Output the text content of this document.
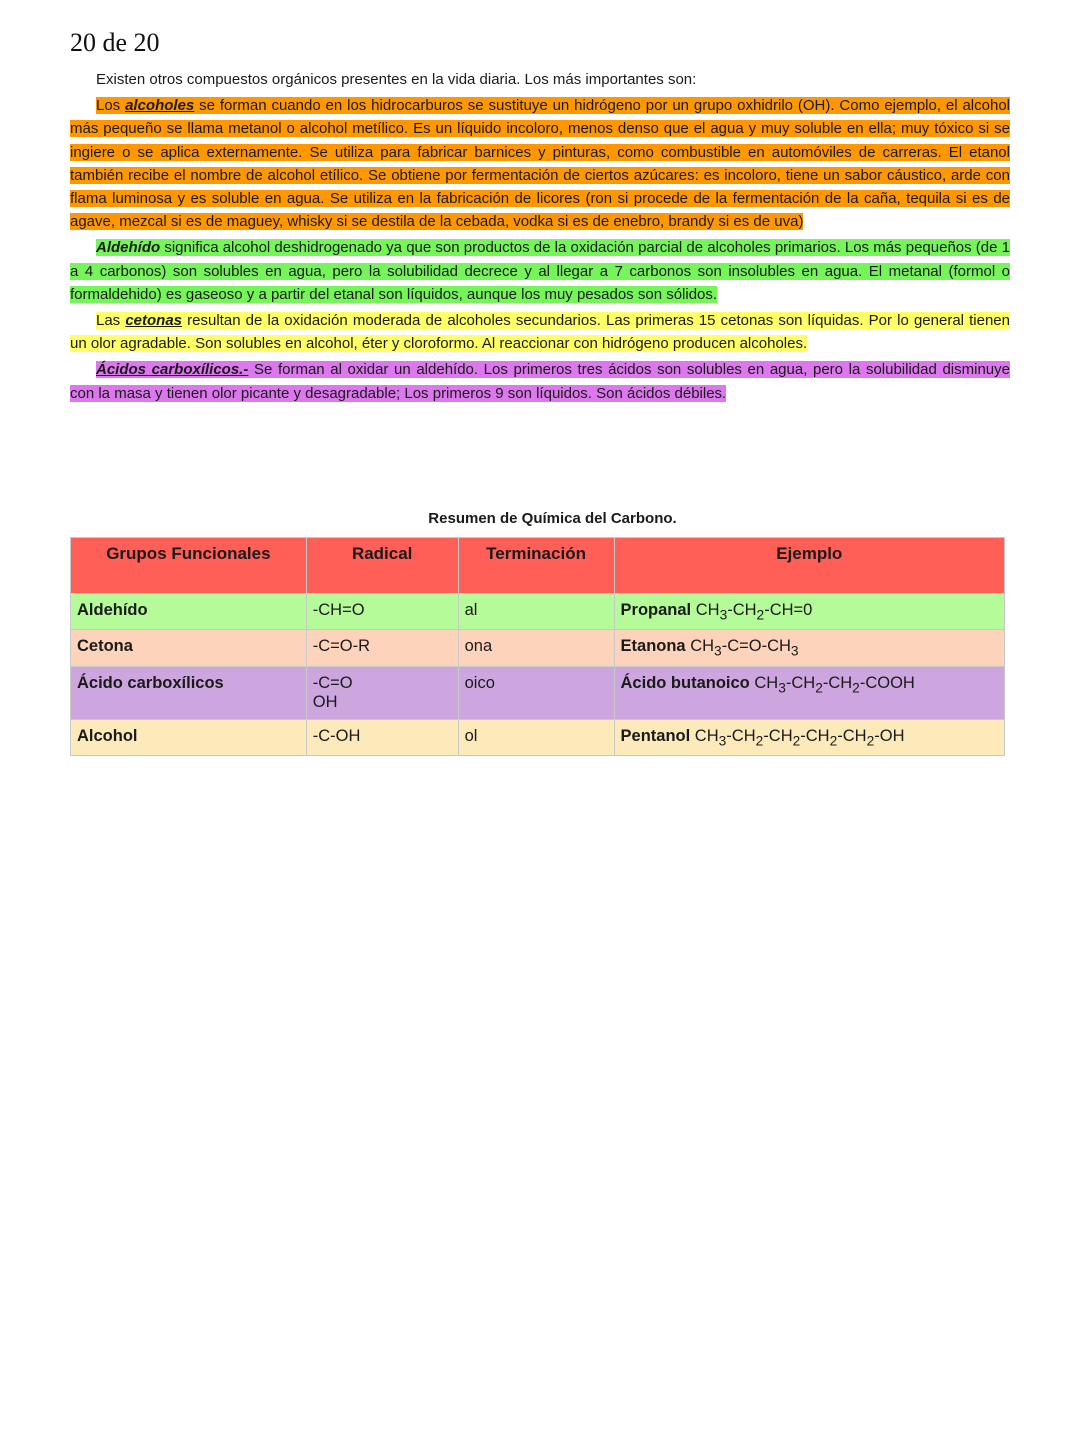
20 de 20

Existen otros compuestos orgánicos presentes en la vida diaria. Los más importantes son:

Los alcoholes se forman cuando en los hidrocarburos se sustituye un hidrógeno por un grupo oxhidrilo (OH). Como ejemplo, el alcohol más pequeño se llama metanol o alcohol metílico. Es un líquido incoloro, menos denso que el agua y muy soluble en ella; muy tóxico si se ingiere o se aplica externamente. Se utiliza para fabricar barnices y pinturas, como combustible en automóviles de carreras. El etanol también recibe el nombre de alcohol etílico. Se obtiene por fermentación de ciertos azúcares: es incoloro, tiene un sabor cáustico, arde con flama luminosa y es soluble en agua. Se utiliza en la fabricación de licores (ron si procede de la fermentación de la caña, tequila si es de agave, mezcal si es de maguey, whisky si se destila de la cebada, vodka si es de enebro, brandy si es de uva)

Aldehído significa alcohol deshidrogenado ya que son productos de la oxidación parcial de alcoholes primarios. Los más pequeños (de 1 a 4 carbonos) son solubles en agua, pero la solubilidad decrece y al llegar a 7 carbonos son insolubles en agua. El metanal (formol o formaldehido) es gaseoso y a partir del etanal son líquidos, aunque los muy pesados son sólidos.

Las cetonas resultan de la oxidación moderada de alcoholes secundarios. Las primeras 15 cetonas son líquidas. Por lo general tienen un olor agradable. Son solubles en alcohol, éter y cloroformo. Al reaccionar con hidrógeno producen alcoholes.

Ácidos carboxílicos.- Se forman al oxidar un aldehído. Los primeros tres ácidos son solubles en agua, pero la solubilidad disminuye con la masa y tienen olor picante y desagradable; Los primeros 9 son líquidos. Son ácidos débiles.

Resumen de Química del Carbono.
Grupos Funcionales	Radical	Terminación	Ejemplo
Aldehído	-CH=O	al	Propanal $CH_3-CH_2-CH=0$
Cetona	-C=O-R	ona	Etanona $CH_3-C=O-CH_3$
Ácido carboxílicos	-C=O
OH	oico	Ácido butanoico $CH_3-CH_2-CH_2$-COOH
Alcohol	-C-OH	ol	Pentanol $CH_3-CH_2-CH_2-CH_2-CH_2-OH$
